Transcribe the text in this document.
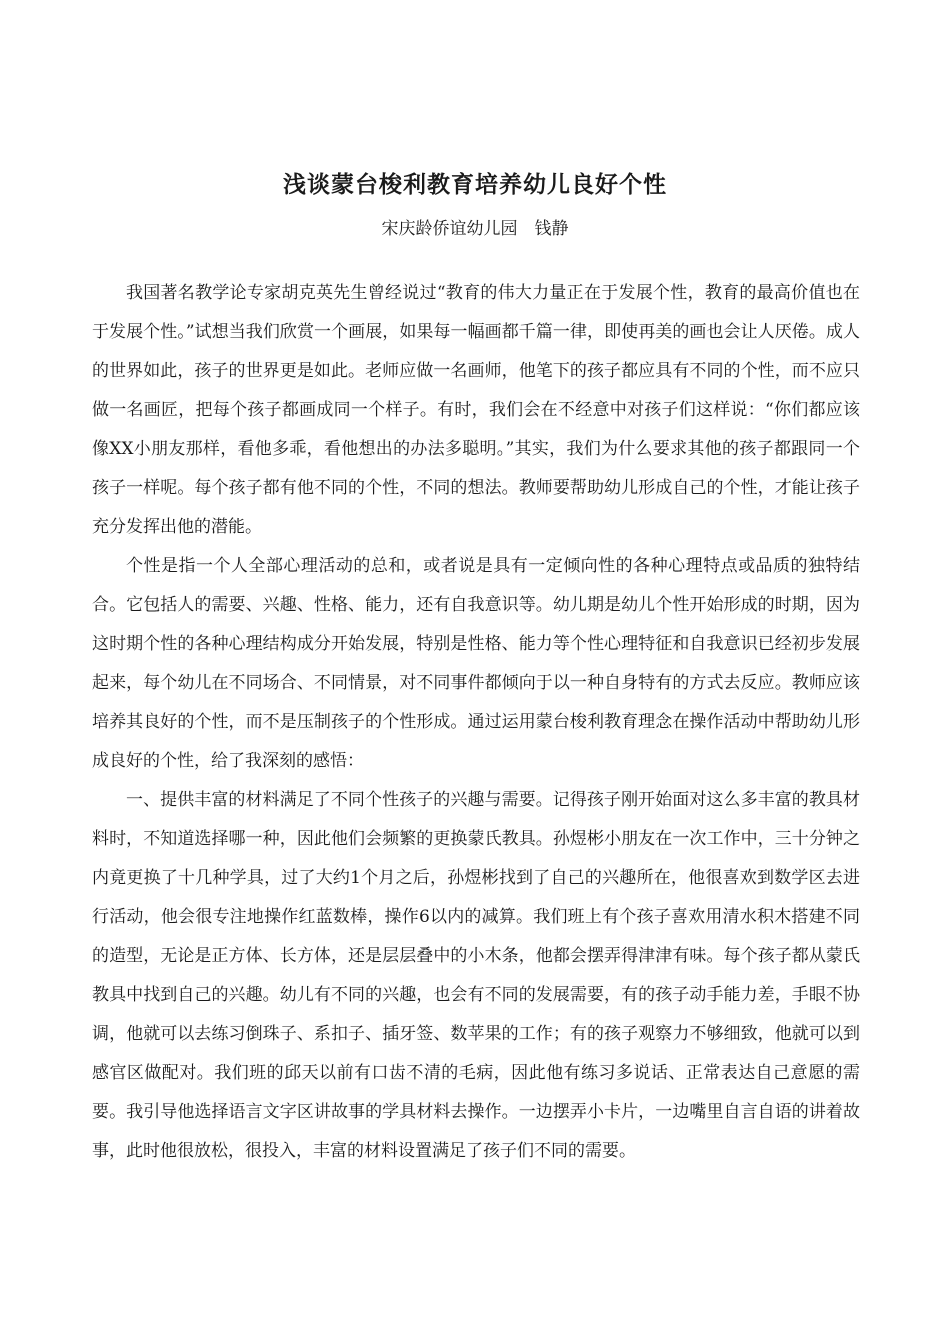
浅谈蒙台梭利教育培养幼儿良好个性
宋庆龄侨谊幼儿园 钱静

我国著名教学论专家胡克英先生曾经说过“教育的伟大力量正在于发展个性，教育的最高价值也在于发展个性。”试想当我们欣赏一个画展，如果每一幅画都千篇一律，即使再美的画也会让人厌倦。成人的世界如此，孩子的世界更是如此。老师应做一名画师，他笔下的孩子都应具有不同的个性，而不应只做一名画匠，把每个孩子都画成同一个样子。有时，我们会在不经意中对孩子们这样说：“你们都应该像XX小朋友那样，看他多乖，看他想出的办法多聪明。”其实，我们为什么要求其他的孩子都跟同一个孩子一样呢。每个孩子都有他不同的个性，不同的想法。教师要帮助幼儿形成自己的个性，才能让孩子充分发挥出他的潜能。

个性是指一个人全部心理活动的总和，或者说是具有一定倾向性的各种心理特点或品质的独特结合。它包括人的需要、兴趣、性格、能力，还有自我意识等。幼儿期是幼儿个性开始形成的时期，因为这时期个性的各种心理结构成分开始发展，特别是性格、能力等个性心理特征和自我意识已经初步发展起来，每个幼儿在不同场合、不同情景，对不同事件都倾向于以一种自身特有的方式去反应。教师应该培养其良好的个性，而不是压制孩子的个性形成。通过运用蒙台梭利教育理念在操作活动中帮助幼儿形成良好的个性，给了我深刻的感悟：

一、提供丰富的材料满足了不同个性孩子的兴趣与需要。记得孩子刚开始面对这么多丰富的教具材料时，不知道选择哪一种，因此他们会频繁的更换蒙氏教具。孙煜彬小朋友在一次工作中，三十分钟之内竟更换了十几种学具，过了大约1个月之后，孙煜彬找到了自己的兴趣所在，他很喜欢到数学区去进行活动，他会很专注地操作红蓝数棒，操作6以内的减算。我们班上有个孩子喜欢用清水积木搭建不同的造型，无论是正方体、长方体，还是层层叠中的小木条，他都会摆弄得津津有味。每个孩子都从蒙氏教具中找到自己的兴趣。幼儿有不同的兴趣，也会有不同的发展需要，有的孩子动手能力差，手眼不协调，他就可以去练习倒珠子、系扣子、插牙签、数苹果的工作；有的孩子观察力不够细致，他就可以到感官区做配对。我们班的邱天以前有口齿不清的毛病，因此他有练习多说话、正常表达自己意愿的需要。我引导他选择语言文字区讲故事的学具材料去操作。一边摆弄小卡片，一边嘴里自言自语的讲着故事，此时他很放松，很投入，丰富的材料设置满足了孩子们不同的需要。
